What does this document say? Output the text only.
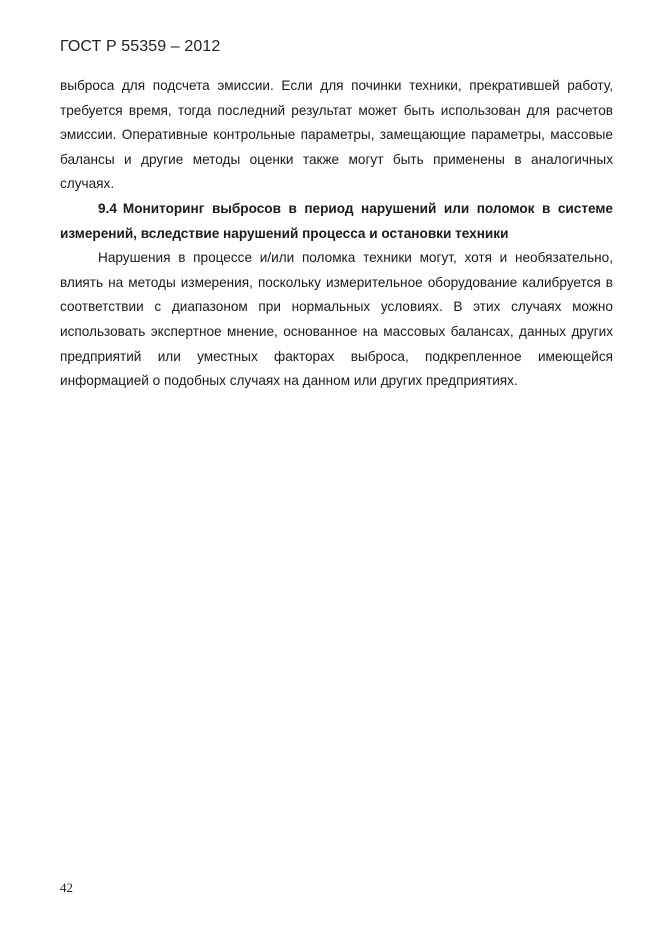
ГОСТ Р 55359 – 2012

выброса для подсчета эмиссии. Если для починки техники, прекратившей работу, требуется время, тогда последний результат может быть использован для расчетов эмиссии. Оперативные контрольные параметры, замещающие параметры, массовые балансы и другие методы оценки также могут быть применены в аналогичных случаях.

9.4 Мониторинг выбросов в период нарушений или поломок в системе измерений, вследствие нарушений процесса и остановки техники

Нарушения в процессе и/или поломка техники могут, хотя и необязательно, влиять на методы измерения, поскольку измерительное оборудование калибруется в соответствии с диапазоном при нормальных условиях. В этих случаях можно использовать экспертное мнение, основанное на массовых балансах, данных других предприятий или уместных факторах выброса, подкрепленное имеющейся информацией о подобных случаях на данном или других предприятиях.

42
